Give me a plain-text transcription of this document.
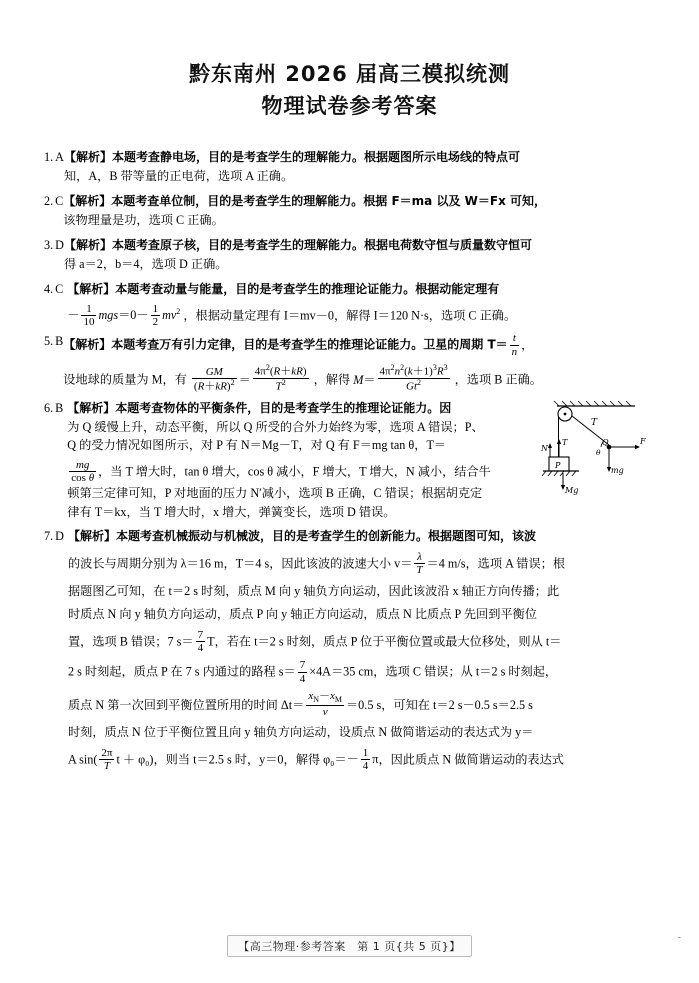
黔东南州 2026 届高三模拟统测
物理试卷参考答案
1. A 【解析】本题考查静电场，目的是考查学生的理解能力。根据题图所示电场线的特点可
知，A，B 带等量的正电荷，选项 A 正确。
2. C 【解析】本题考查单位制，目的是考查学生的理解能力。根据 F＝ma 以及 W＝Fx 可知，
该物理量是功，选项 C 正确。
3. D 【解析】本题考查原子核，目的是考查学生的理解能力。根据电荷数守恒与质量数守恒可
得 a＝2，b＝4，选项 D 正确。
4. C 【解析】本题考查动量与能量，目的是考查学生的推理论证能力。根据动能定理有
－ $\frac{1}{10} mgs=0- \frac{1}{2} mv^2$ ，根据动量定理有 I＝mv－0，解得 I＝120 N·s，选项 C 正确。
5. B 【解析】本题考查万有引力定律，目的是考查学生的推理论证能力。卫星的周期 $T= \frac{t}{n}$ ，
设地球的质量为 M，有 $\frac{GM}{(R+kR)^2} = \frac{4\pi^2(R+kR)}{T^2}$ ，解得 $M= \frac{4\pi^2n^2(k+1)^3R^3}{Gt^2}$ ，选项 B 正确。
6. B 【解析】本题考查物体的平衡条件，目的是考查学生的推理论证能力。因
为 Q 缓慢上升，动态平衡，所以 Q 所受的合外力始终为零，选项 A 错误；P、
Q 的受力情况如图所示，对 P 有 N＝Mg－T，对 Q 有 F＝mg tan θ，T＝
$\frac{mg}{\text{cos θ}}$ ，当 T 增大时，tan θ 增大，cos θ 减小，F 增大，T 增大，N 减小，结合牛
顿第三定律可知，P 对地面的压力 N′减小，选项 B 正确，C 错误；根据胡克定
律有 T＝kx，当 T 增大时，x 增大，弹簧变长，选项 D 错误。
T
P
T
N
Mg
Q
θ
F
mg
7. D 【解析】本题考查机械振动与机械波，目的是考查学生的创新能力。根据题图可知，该波
的波长与周期分别为 λ＝16 m，T＝4 s，因此该波的波速大小 $v= \frac{\lambda}{T} =4$ m/s，选项 A 错误；根
据题图乙可知，在 t＝2 s 时刻，质点 M 向 y 轴负方向运动，因此该波沿 x 轴正方向传播；此
时质点 N 向 y 轴负方向运动，质点 P 向 y 轴正方向运动，质点 N 比质点 P 先回到平衡位
置，选项 B 错误；7 $s= \frac{7}{4}$ T，若在 t＝2 s 时刻，质点 P 位于平衡位置或最大位移处，则从 t＝
2 s 时刻起，质点 P 在 7 s 内通过的路程 $s= \frac{7}{4} \times 4A=35$ cm，选项 C 错误；从 t＝2 s 时刻起，
质点 N 第一次回到平衡位置所用的时间 $\Delta t= \frac{x_N-x_M}{v} =0.5$ s，可知在 t＝2 s－0.5 s＝2.5 s
时刻，质点 N 位于平衡位置且向 y 轴负方向运动，设质点 N 做简谐运动的表达式为 y＝
A $\sin( \frac{2\pi}{T}$ t ＋ φ₀)，则当 t＝2.5 s 时，y＝0，解得 $\varphi_0=- \frac{1}{4}$ π，因此质点 N 做简谐运动的表达式
【高三物理·参考答案　第 1 页{共 5 页}】
-
